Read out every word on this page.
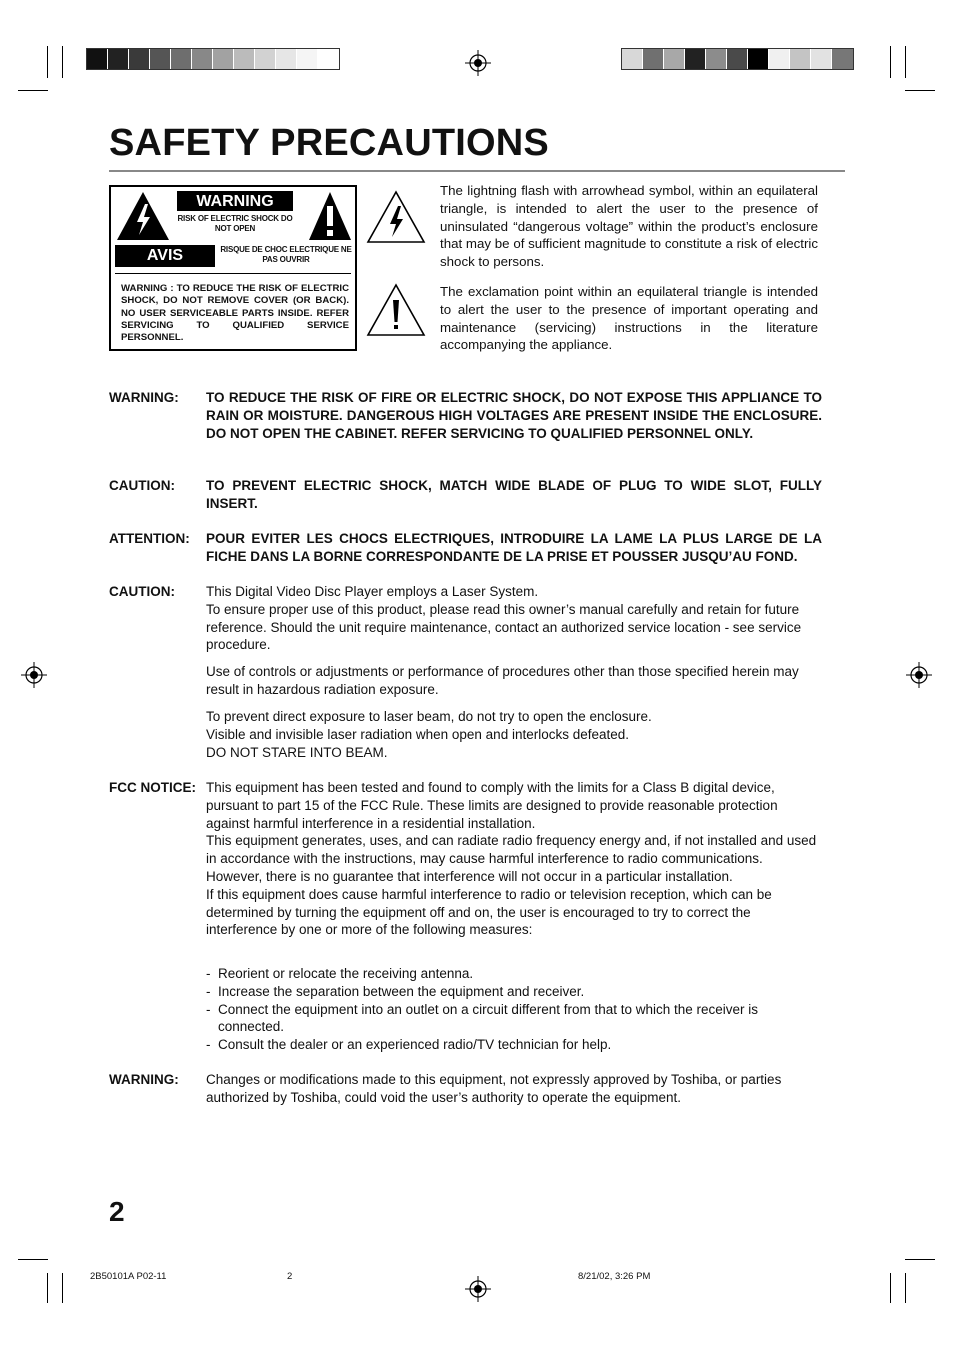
SAFETY PRECAUTIONS
WARNING
RISK OF ELECTRIC SHOCK DO NOT OPEN
AVIS	RISQUE DE CHOC ELECTRIQUE NE PAS OUVRIR
WARNING : TO REDUCE THE RISK OF ELECTRIC SHOCK, DO NOT REMOVE COVER (OR BACK). NO USER SERVICEABLE PARTS INSIDE. REFER SERVICING TO QUALIFIED SERVICE PERSONNEL.

The lightning flash with arrowhead symbol, within an equilateral triangle, is intended to alert the user to the presence of uninsulated “dangerous voltage” within the product’s enclosure that may be of sufficient magnitude to constitute a risk of electric shock to persons.

The exclamation point within an equilateral triangle is intended to alert the user to the presence of important operating and maintenance (servicing) instructions in the literature accompanying the appliance.

WARNING: TO REDUCE THE RISK OF FIRE OR ELECTRIC SHOCK, DO NOT EXPOSE THIS APPLIANCE TO RAIN OR MOISTURE. DANGEROUS HIGH VOLTAGES ARE PRESENT INSIDE THE ENCLOSURE. DO NOT OPEN THE CABINET. REFER SERVICING TO QUALIFIED PERSONNEL ONLY.

CAUTION: TO PREVENT ELECTRIC SHOCK, MATCH WIDE BLADE OF PLUG TO WIDE SLOT, FULLY INSERT.

ATTENTION: POUR EVITER LES CHOCS ELECTRIQUES, INTRODUIRE LA LAME LA PLUS LARGE DE LA FICHE DANS LA BORNE CORRESPONDANTE DE LA PRISE ET POUSSER JUSQU’AU FOND.

CAUTION: This Digital Video Disc Player employs a Laser System.

To ensure proper use of this product, please read this owner’s manual carefully and retain for future reference. Should the unit require maintenance, contact an authorized service location - see service procedure.

Use of controls or adjustments or performance of procedures other than those specified herein may result in hazardous radiation exposure.

To prevent direct exposure to laser beam, do not try to open the enclosure.

Visible and invisible laser radiation when open and interlocks defeated.

DO NOT STARE INTO BEAM.

FCC NOTICE: This equipment has been tested and found to comply with the limits for a Class B digital device, pursuant to part 15 of the FCC Rule. These limits are designed to provide reasonable protection against harmful interference in a residential installation.

This equipment generates, uses, and can radiate radio frequency energy and, if not installed and used in accordance with the instructions, may cause harmful interference to radio communications.

However, there is no guarantee that interference will not occur in a particular installation.

If this equipment does cause harmful interference to radio or television reception, which can be determined by turning the equipment off and on, the user is encouraged to try to correct the interference by one or more of the following measures:

- Reorient or relocate the receiving antenna.
- Increase the separation between the equipment and receiver.
- Connect the equipment into an outlet on a circuit different from that to which the receiver is connected.
- Consult the dealer or an experienced radio/TV technician for help.
WARNING: Changes or modifications made to this equipment, not expressly approved by Toshiba, or parties authorized by Toshiba, could void the user’s authority to operate the equipment.

2
2B50101A P02-11	2	8/21/02, 3:26 PM
